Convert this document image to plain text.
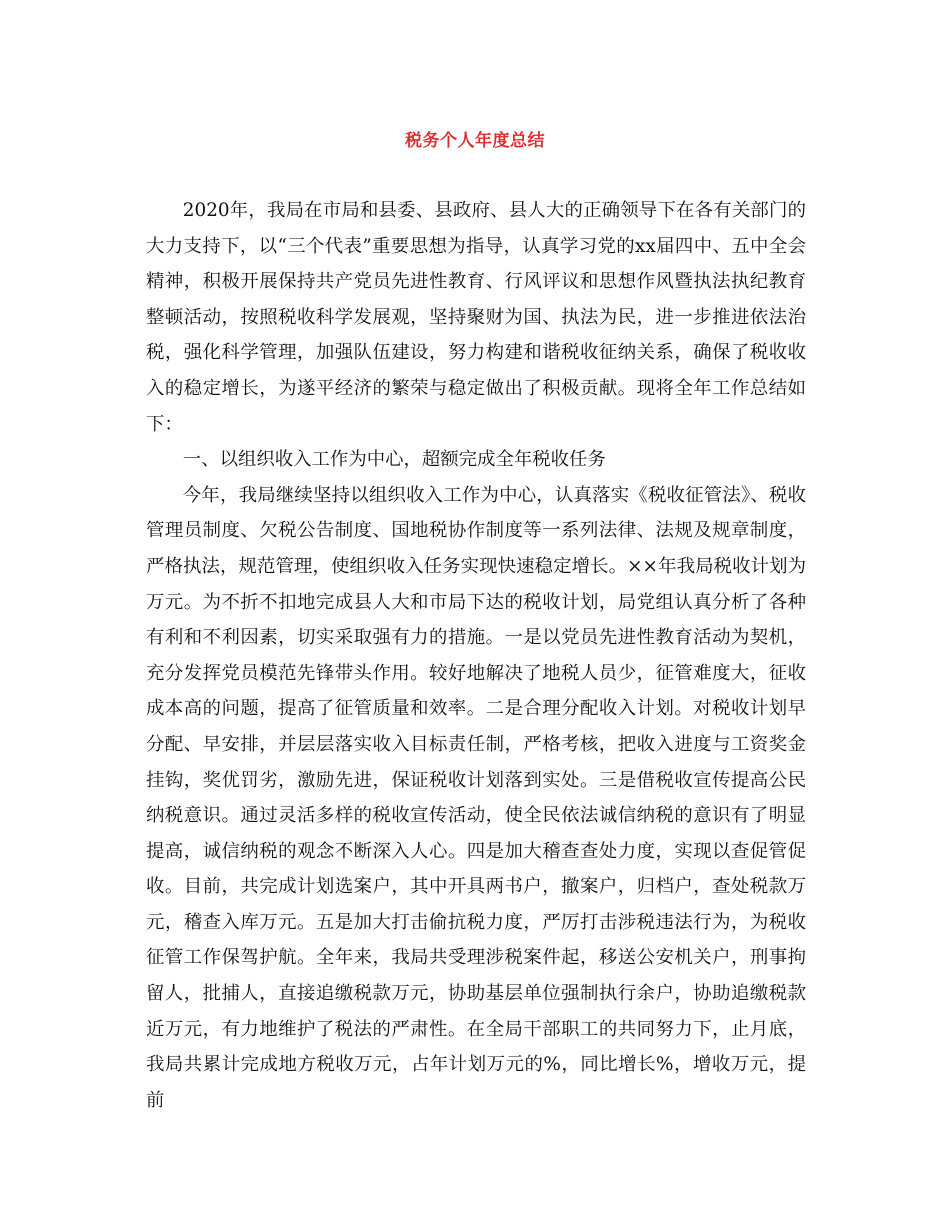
税务个人年度总结

2020年，我局在市局和县委、县政府、县人大的正确领导下在各有关部门的大力支持下，以“三个代表”重要思想为指导，认真学习党的xx届四中、五中全会精神，积极开展保持共产党员先进性教育、行风评议和思想作风暨执法执纪教育整顿活动，按照税收科学发展观，坚持聚财为国、执法为民，进一步推进依法治税，强化科学管理，加强队伍建设，努力构建和谐税收征纳关系，确保了税收收入的稳定增长，为遂平经济的繁荣与稳定做出了积极贡献。现将全年工作总结如下：

一、以组织收入工作为中心，超额完成全年税收任务

今年，我局继续坚持以组织收入工作为中心，认真落实《税收征管法》、税收管理员制度、欠税公告制度、国地税协作制度等一系列法律、法规及规章制度，严格执法，规范管理，使组织收入任务实现快速稳定增长。××年我局税收计划为万元。为不折不扣地完成县人大和市局下达的税收计划，局党组认真分析了各种有利和不利因素，切实采取强有力的措施。一是以党员先进性教育活动为契机，充分发挥党员模范先锋带头作用。较好地解决了地税人员少，征管难度大，征收成本高的问题，提高了征管质量和效率。二是合理分配收入计划。对税收计划早分配、早安排，并层层落实收入目标责任制，严格考核，把收入进度与工资奖金挂钩，奖优罚劣，激励先进，保证税收计划落到实处。三是借税收宣传提高公民纳税意识。通过灵活多样的税收宣传活动，使全民依法诚信纳税的意识有了明显提高，诚信纳税的观念不断深入人心。四是加大稽查查处力度，实现以查促管促收。目前，共完成计划选案户，其中开具两书户，撤案户，归档户，查处税款万元，稽查入库万元。五是加大打击偷抗税力度，严厉打击涉税违法行为，为税收征管工作保驾护航。全年来，我局共受理涉税案件起，移送公安机关户，刑事拘留人，批捕人，直接追缴税款万元，协助基层单位强制执行余户，协助追缴税款近万元，有力地维护了税法的严肃性。在全局干部职工的共同努力下，止月底，我局共累计完成地方税收万元，占年计划万元的%，同比增长%，增收万元，提前
